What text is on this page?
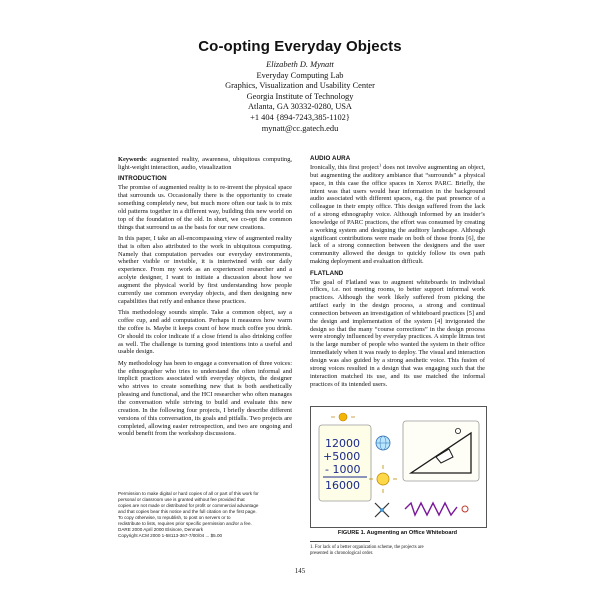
Co-opting Everyday Objects
Elizabeth D. Mynatt
Everyday Computing Lab
Graphics, Visualization and Usability Center
Georgia Institute of Technology
Atlanta, GA 30332-0280, USA
+1 404 {894-7243,385-1102}
mynatt@cc.gatech.edu

Keywords: augmented reality, awareness, ubiquitous computing, light-weight interaction, audio, visualization

INTRODUCTION

The promise of augmented reality is to re-invent the physical space that surrounds us. Occasionally there is the opportunity to create something completely new, but much more often our task is to mix old patterns together in a different way, building this new world on top of the foundation of the old. In short, we co-opt the common things that surround us as the basis for our new creations.

In this paper, I take an all-encompassing view of augmented reality that is often also attributed to the work in ubiquitous computing. Namely that computation pervades our everyday environments, whether visible or invisible, it is intertwined with our daily experience. From my work as an experienced researcher and a acolyte designer, I want to initiate a discussion about how we augment the physical world by first understanding how people currently use common everyday objects, and then designing new capabilities that reify and enhance these practices.

This methodology sounds simple. Take a common object, say a coffee cup, and add computation. Perhaps it measures how warm the coffee is. Maybe it keeps count of how much coffee you drink. Or should its color indicate if a close friend is also drinking coffee as well. The challenge is turning good intentions into a useful and usable design.

My methodology has been to engage a conversation of three voices: the ethnographer who tries to understand the often informal and implicit practices associated with everyday objects, the designer who strives to create something new that is both aesthetically pleasing and functional, and the HCI researcher who often manages the conversation while striving to build and evaluate this new creation. In the following four projects, I briefly describe different versions of this conversation, its goals and pitfalls. Two projects are completed, allowing easier retrospection, and two are ongoing and would benefit from the workshop discussions.

Permission to make digital or hard copies of all or part of this work for
personal or classroom use is granted without fee provided that
copies are not made or distributed for profit or commercial advantage
and that copies bear this notice and the full citation on the first page.
To copy otherwise, to republish, to post on servers or to
redistribute to lists, requires prior specific permission and/or a fee.
DARE 2000 April 2000 Elsinore, Denmark
Copyright ACM 2000 1-58113-367-7/00/04 ... $5.00
AUDIO AURA

Ironically, this first project$^1$ does not involve augmenting an object, but augmenting the auditory ambiance that “surrounds” a physical space, in this case the office spaces in Xerox PARC. Briefly, the intent was that users would hear information in the background audio associated with different spaces, e.g. the past presence of a colleague in their empty office. This design suffered from the lack of a strong ethnography voice. Although informed by an insider’s knowledge of PARC practices, the effort was consumed by creating a working system and designing the auditory landscape. Although significant contributions were made on both of those fronts [6], the lack of a strong connection between the designers and the user community allowed the design to quickly follow its own path making deployment and evaluation difficult.

FLATLAND

The goal of Flatland was to augment whiteboards in individual offices, i.e. not meeting rooms, to better support informal work practices. Although the work likely suffered from picking the artifact early in the design process, a strong and continual connection between an investigation of whiteboard practices [5] and the design and implementation of the system [4] invigorated the design so that the many “course corrections” in the design process were strongly influenced by everyday practices. A simple litmus test is the large number of people who wanted the system in their office immediately when it was ready to deploy. The visual and interaction design was also guided by a strong aesthetic voice. This fusion of strong voices resulted in a design that was engaging such that the interaction matched its use, and its use matched the informal practices of its intended users.

12000
+5000
- 1000
16000
FIGURE 1. Augmenting an Office Whiteboard
1. For lack of a better organization scheme, the projects are
presented in chronological order.
145
